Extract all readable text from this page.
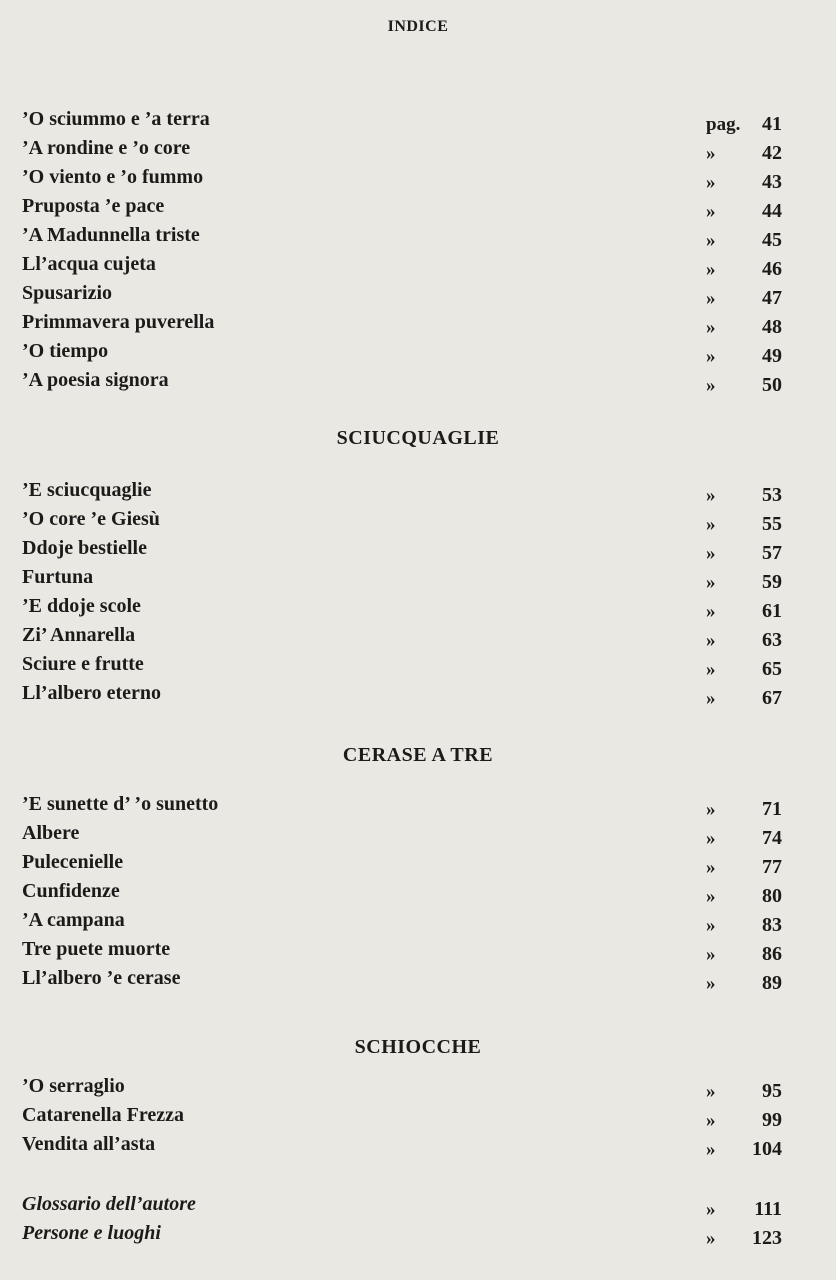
INDICE
’O sciummo e ’a terra	pag.	41
’A rondine e ’o core	»	42
’O viento e ’o fummo	»	43
Pruposta ’e pace	»	44
’A Madunnella triste	»	45
Ll’acqua cujeta	»	46
Spusarizio	»	47
Primmavera puverella	»	48
’O tiempo	»	49
’A poesia signora	»	50
SCIUCQUAGLIE
’E sciucquaglie	»	53
’O core ’e Giesù	»	55
Ddoje bestielle	»	57
Furtuna	»	59
’E ddoje scole	»	61
Zi’ Annarella	»	63
Sciure e frutte	»	65
Ll’albero eterno	»	67
CERASE A TRE
’E sunette d’ ’o sunetto	»	71
Albere	»	74
Pulecenielle	»	77
Cunfidenze	»	80
’A campana	»	83
Tre puete muorte	»	86
Ll’albero ’e cerase	»	89
SCHIOCCHE
’O serraglio	»	95
Catarenella Frezza	»	99
Vendita all’asta	»	104
Glossario dell’autore	»	111
Persone e luoghi	»	123
